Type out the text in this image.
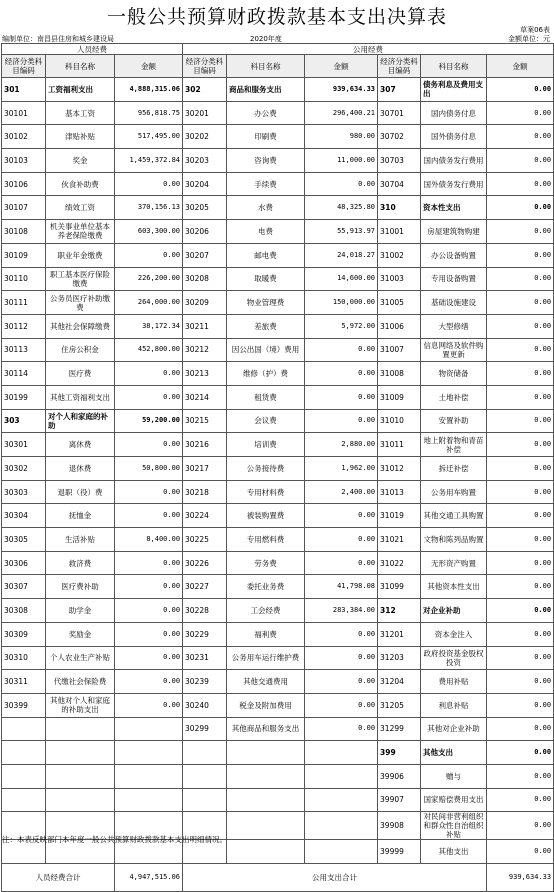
一般公共预算财政拨款基本支出决算表
草案06表
编制单位：南昌县住房和城乡建设局	2020年度	金额单位：元
人员经费			公用经费					
经济分类科目编码	科目名称	金额	经济分类科目编码	科目名称	金额	经济分类科目编码	科目名称	金额
301	工资福利支出	4,888,315.06	302	商品和服务支出	939,634.33	307	债务利息及费用支出	0.00
30101	基本工资	956,818.75	30201	办公费	296,400.21	30701	国内债务付息	0.00
30102	津贴补贴	517,495.00	30202	印刷费	980.00	30702	国外债务付息	0.00
30103	奖金	1,459,372.84	30203	咨询费	11,000.00	30703	国内债务发行费用	0.00
30106	伙食补助费	0.00	30204	手续费	0.00	30704	国外债务发行费用	0.00
30107	绩效工资	370,156.13	30205	水费	48,325.80	310	资本性支出	0.00
30108	机关事业单位基本养老保险缴费	603,300.00	30206	电费	55,913.97	31001	房屋建筑物购建	0.00
30109	职业年金缴费	0.00	30207	邮电费	24,018.27	31002	办公设备购置	0.00
30110	职工基本医疗保险缴费	226,200.00	30208	取暖费	14,600.00	31003	专用设备购置	0.00
30111	公务员医疗补助缴费	264,000.00	30209	物业管理费	150,000.00	31005	基础设施建设	0.00
30112	其他社会保障缴费	38,172.34	30211	差旅费	5,972.00	31006	大型修缮	0.00
30113	住房公积金	452,800.00	30212	因公出国（境）费用	0.00	31007	信息网络及软件购置更新	0.00
30114	医疗费	0.00	30213	维修（护）费	0.00	31008	物资储备	0.00
30199	其他工资福利支出	0.00	30214	租赁费	0.00	31009	土地补偿	0.00
303	对个人和家庭的补助	59,200.00	30215	会议费	0.00	31010	安置补助	0.00
30301	离休费	0.00	30216	培训费	2,880.00	31011	地上附着物和青苗补偿	0.00
30302	退休费	50,800.00	30217	公务接待费	1,962.00	31012	拆迁补偿	0.00
30303	退职（役）费	0.00	30218	专用材料费	2,400.00	31013	公务用车购置	0.00
30304	抚恤金	0.00	30224	被装购置费	0.00	31019	其他交通工具购置	0.00
30305	生活补贴	8,400.00	30225	专用燃料费	0.00	31021	文物和陈列品购置	0.00
30306	救济费	0.00	30226	劳务费	0.00	31022	无形资产购置	0.00
30307	医疗费补助	0.00	30227	委托业务费	41,798.08	31099	其他资本性支出	0.00
30308	助学金	0.00	30228	工会经费	283,384.00	312	对企业补助	0.00
30309	奖励金	0.00	30229	福利费	0.00	31201	资本金注入	0.00
30310	个人农业生产补贴	0.00	30231	公务用车运行维护费	0.00	31203	政府投资基金股权投资	0.00
30311	代缴社会保险费	0.00	30239	其他交通费用	0.00	31204	费用补贴	0.00
30399	其他对个人和家庭的补助支出	0.00	30240	税金及附加费用	0.00	31205	利息补贴	0.00
			30299	其他商品和服务支出	0.00	31299	其他对企业补助	0.00
						399	其他支出	0.00
						39906	赠与	0.00
						39907	国家赔偿费用支出	0.00
						39908	对民间非营利组织和群众性自治组织补贴	0.00
						39999	其他支出	0.00
人员经费合计		4,947,515.06	公用支出合计					939,634.33
注：本表反映部门本年度一般公共预算财政拨款基本支出明细情况。
